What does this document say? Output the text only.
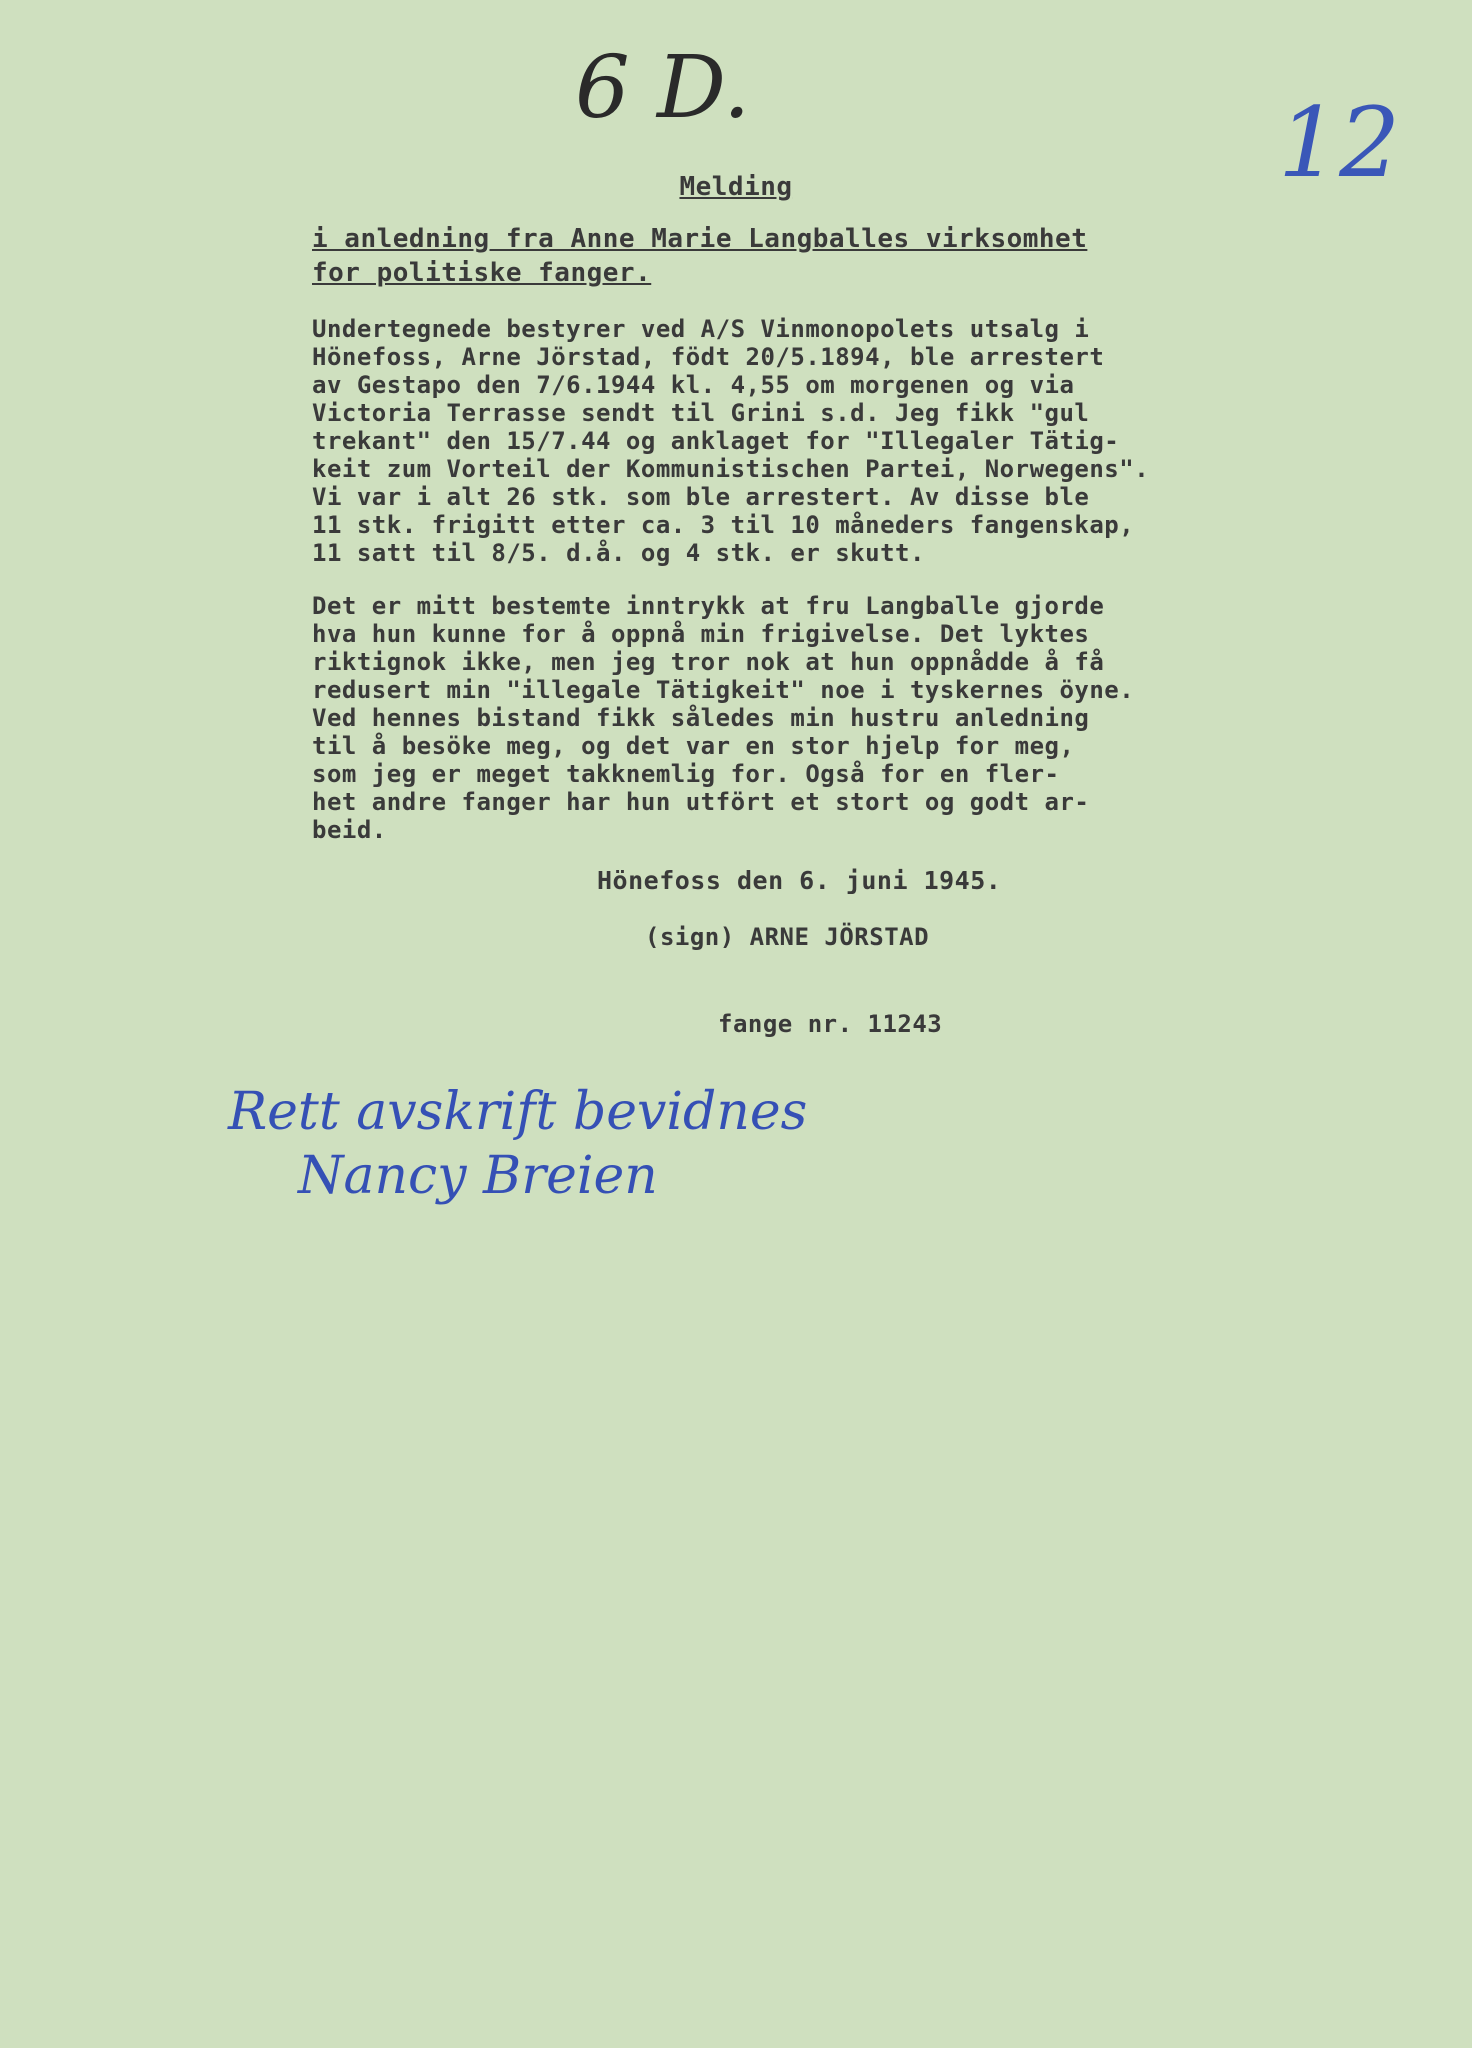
6 D.	12
Melding
i anledning fra Anne Marie Langballes virksomhet
for politiske fanger.
Undertegnede bestyrer ved A/S Vinmonopolets utsalg i
Hönefoss, Arne Jörstad, födt 20/5.1894, ble arrestert
av Gestapo den 7/6.1944 kl. 4,55 om morgenen og via
Victoria Terrasse sendt til Grini s.d. Jeg fikk "gul
trekant" den 15/7.44 og anklaget for "Illegaler Tätig-
keit zum Vorteil der Kommunistischen Partei, Norwegens".
Vi var i alt 26 stk. som ble arrestert. Av disse ble
11 stk. frigitt etter ca. 3 til 10 måneders fangenskap,
11 satt til 8/5. d.å. og 4 stk. er skutt.
Det er mitt bestemte inntrykk at fru Langballe gjorde
hva hun kunne for å oppnå min frigivelse. Det lyktes
riktignok ikke, men jeg tror nok at hun oppnådde å få
redusert min "illegale Tätigkeit" noe i tyskernes öyne.
Ved hennes bistand fikk således min hustru anledning
til å besöke meg, og det var en stor hjelp for meg,
som jeg er meget takknemlig for. Også for en fler-
het andre fanger har hun utfört et stort og godt ar-
beid.
Hönefoss den 6. juni 1945.
(sign) ARNE JÖRSTAD
fange nr. 11243
Rett avskrift bevidnes
Nancy Breien
